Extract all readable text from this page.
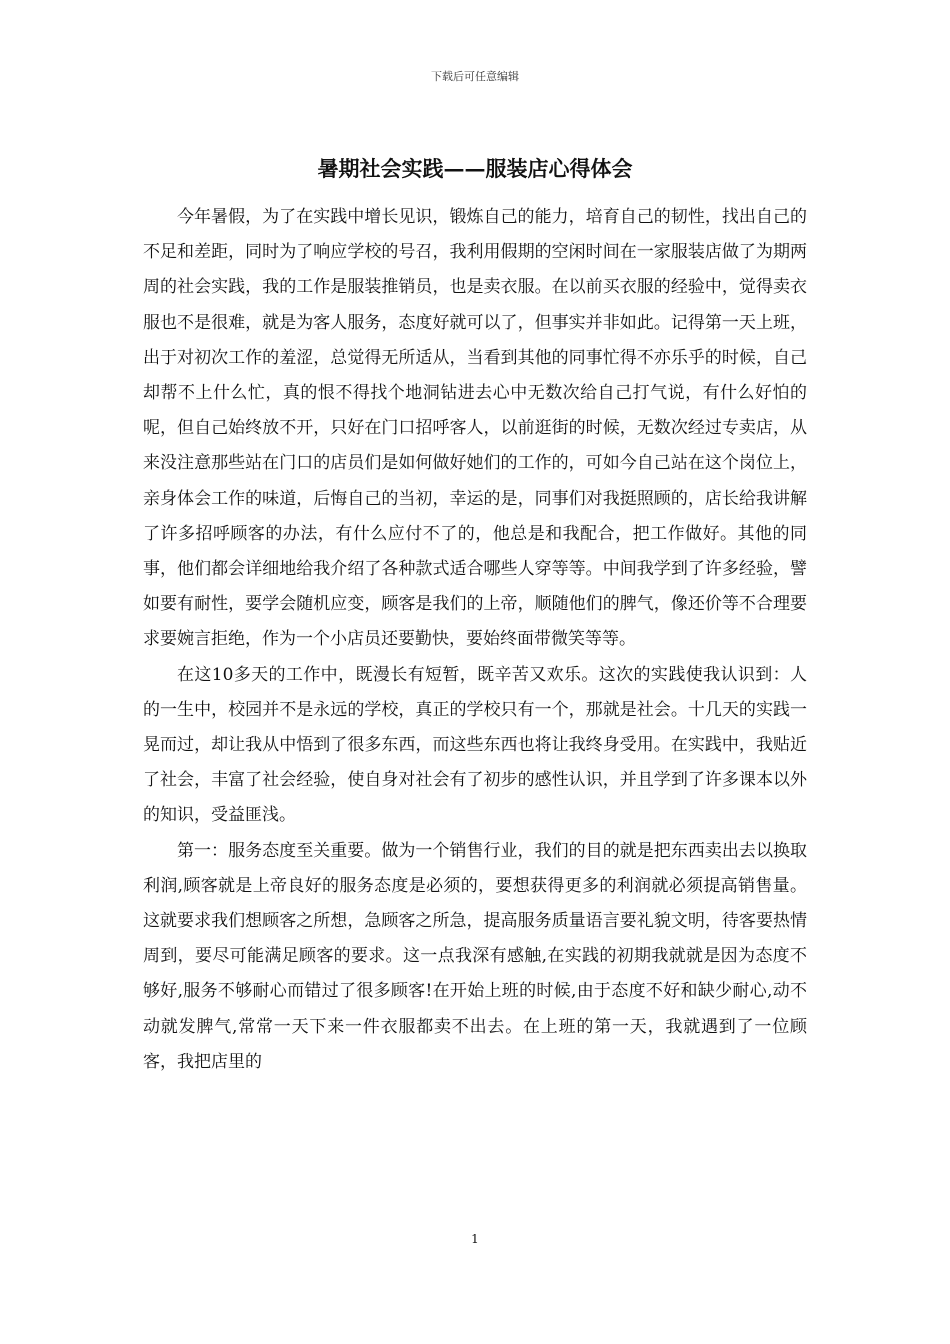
下载后可任意编辑
暑期社会实践——服装店心得体会

今年暑假，为了在实践中增长见识，锻炼自己的能力，培育自己的韧性，找出自己的不足和差距，同时为了响应学校的号召，我利用假期的空闲时间在一家服装店做了为期两周的社会实践，我的工作是服装推销员，也是卖衣服。在以前买衣服的经验中，觉得卖衣服也不是很难，就是为客人服务，态度好就可以了，但事实并非如此。记得第一天上班，出于对初次工作的羞涩，总觉得无所适从，当看到其他的同事忙得不亦乐乎的时候，自己却帮不上什么忙，真的恨不得找个地洞钻进去心中无数次给自己打气说，有什么好怕的呢，但自己始终放不开，只好在门口招呼客人，以前逛街的时候，无数次经过专卖店，从来没注意那些站在门口的店员们是如何做好她们的工作的，可如今自己站在这个岗位上，亲身体会工作的味道，后悔自己的当初，幸运的是，同事们对我挺照顾的，店长给我讲解了许多招呼顾客的办法，有什么应付不了的，他总是和我配合，把工作做好。其他的同事，他们都会详细地给我介绍了各种款式适合哪些人穿等等。中间我学到了许多经验，譬如要有耐性，要学会随机应变，顾客是我们的上帝，顺随他们的脾气，像还价等不合理要求要婉言拒绝，作为一个小店员还要勤快，要始终面带微笑等等。

在这10多天的工作中，既漫长有短暂，既辛苦又欢乐。这次的实践使我认识到：人的一生中，校园并不是永远的学校，真正的学校只有一个，那就是社会。十几天的实践一晃而过，却让我从中悟到了很多东西，而这些东西也将让我终身受用。在实践中，我贴近了社会，丰富了社会经验，使自身对社会有了初步的感性认识，并且学到了许多课本以外的知识，受益匪浅。

第一：服务态度至关重要。做为一个销售行业，我们的目的就是把东西卖出去以换取利润,顾客就是上帝良好的服务态度是必须的，要想获得更多的利润就必须提高销售量。这就要求我们想顾客之所想，急顾客之所急，提高服务质量语言要礼貌文明，待客要热情周到，要尽可能满足顾客的要求。这一点我深有感触,在实践的初期我就就是因为态度不够好,服务不够耐心而错过了很多顾客!在开始上班的时候,由于态度不好和缺少耐心,动不动就发脾气,常常一天下来一件衣服都卖不出去。在上班的第一天，我就遇到了一位顾客，我把店里的

1
